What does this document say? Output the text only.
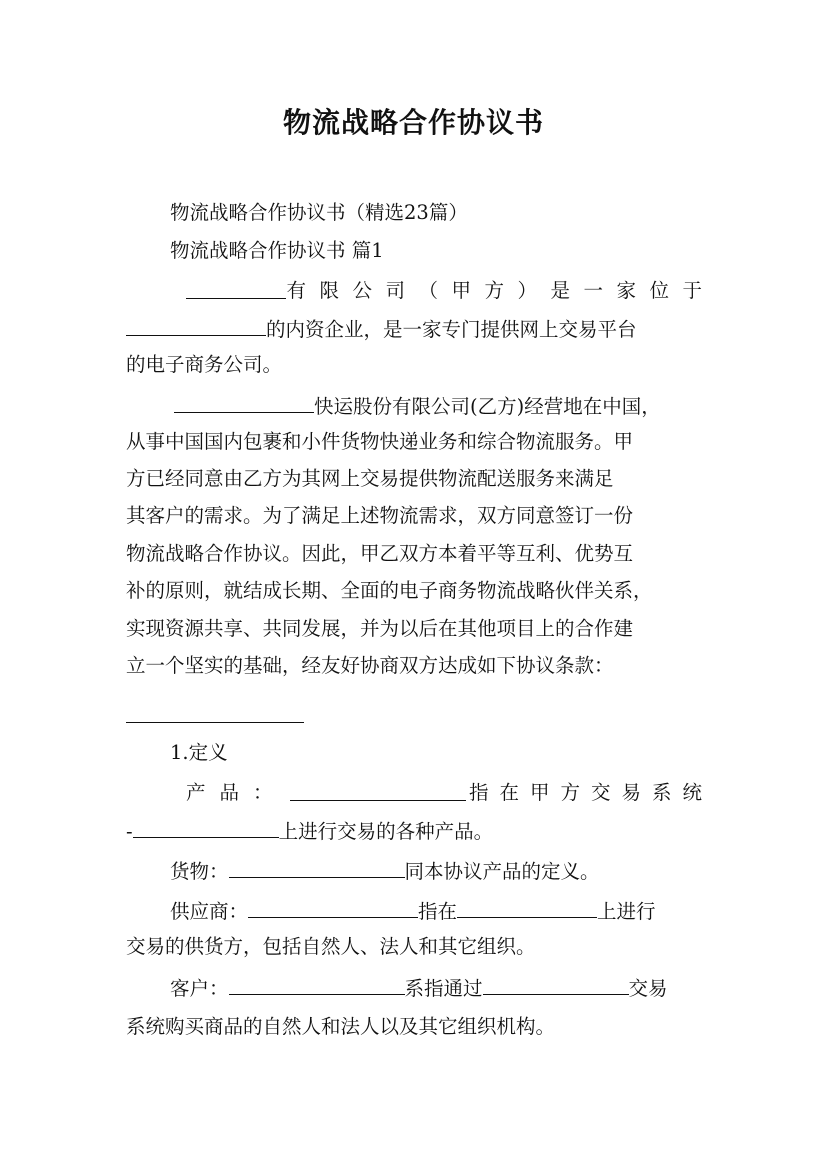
物流战略合作协议书
物流战略合作协议书（精选23篇）
物流战略合作协议书 篇1
有限公司（甲方）是一家位于
的内资企业，是一家专门提供网上交易平台
的电子商务公司。
快运股份有限公司(乙方)经营地在中国，
从事中国国内包裹和小件货物快递业务和综合物流服务。甲
方已经同意由乙方为其网上交易提供物流配送服务来满足
其客户的需求。为了满足上述物流需求，双方同意签订一份
物流战略合作协议。因此，甲乙双方本着平等互利、优势互
补的原则，就结成长期、全面的电子商务物流战略伙伴关系，
实现资源共享、共同发展，并为以后在其他项目上的合作建
立一个坚实的基础，经友好协商双方达成如下协议条款：
1.定义
产品：	指在甲方交易系统
-	上进行交易的各种产品。
货物：	同本协议产品的定义。
供应商：	指在	上进行
交易的供货方，包括自然人、法人和其它组织。
客户：	系指通过	交易
系统购买商品的自然人和法人以及其它组织机构。
